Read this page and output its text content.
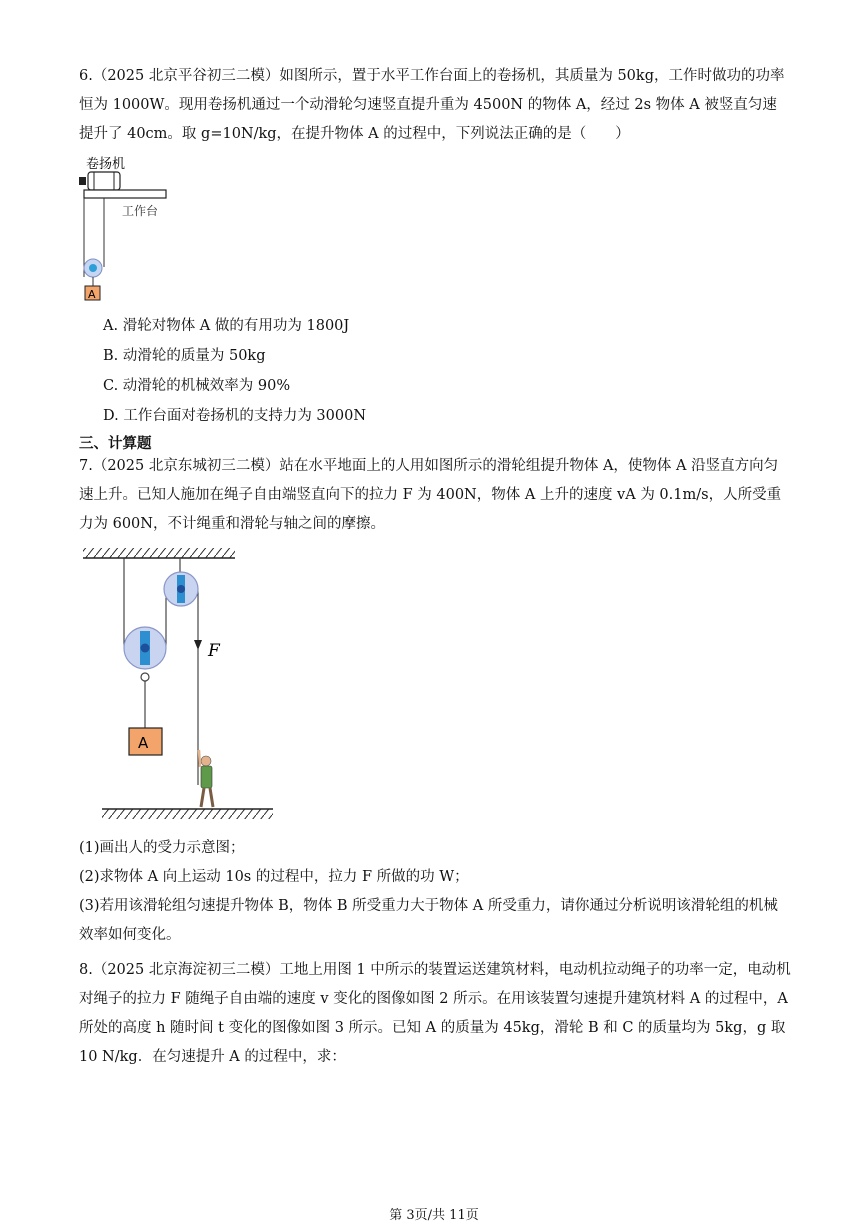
6.（2025 北京平谷初三二模）如图所示，置于水平工作台面上的卷扬机，其质量为 50kg，工作时做功的功率恒为 1000W。现用卷扬机通过一个动滑轮匀速竖直提升重为 4500N 的物体 A，经过 2s 物体 A 被竖直匀速提升了 40cm。取 g=10N/kg，在提升物体 A 的过程中，下列说法正确的是（　　）
卷扬机
工作台
A
A. 滑轮对物体 A 做的有用功为 1800J
B. 动滑轮的质量为 50kg
C. 动滑轮的机械效率为 90%
D. 工作台面对卷扬机的支持力为 3000N
三、计算题
7.（2025 北京东城初三二模）站在水平地面上的人用如图所示的滑轮组提升物体 A，使物体 A 沿竖直方向匀速上升。已知人施加在绳子自由端竖直向下的拉力 F 为 400N，物体 A 上升的速度 vA 为 0.1m/s，人所受重力为 600N，不计绳重和滑轮与轴之间的摩擦。
F
A
(1)画出人的受力示意图；
(2)求物体 A 向上运动 10s 的过程中，拉力 F 所做的功 W；
(3)若用该滑轮组匀速提升物体 B，物体 B 所受重力大于物体 A 所受重力，请你通过分析说明该滑轮组的机械效率如何变化。
8.（2025 北京海淀初三二模）工地上用图 1 中所示的装置运送建筑材料，电动机拉动绳子的功率一定，电动机对绳子的拉力 F 随绳子自由端的速度 v 变化的图像如图 2 所示。在用该装置匀速提升建筑材料 A 的过程中，A 所处的高度 h 随时间 t 变化的图像如图 3 所示。已知 A 的质量为 45kg，滑轮 B 和 C 的质量均为 5kg，g 取 10 N/kg．在匀速提升 A 的过程中，求：
第 3页/共 11页
